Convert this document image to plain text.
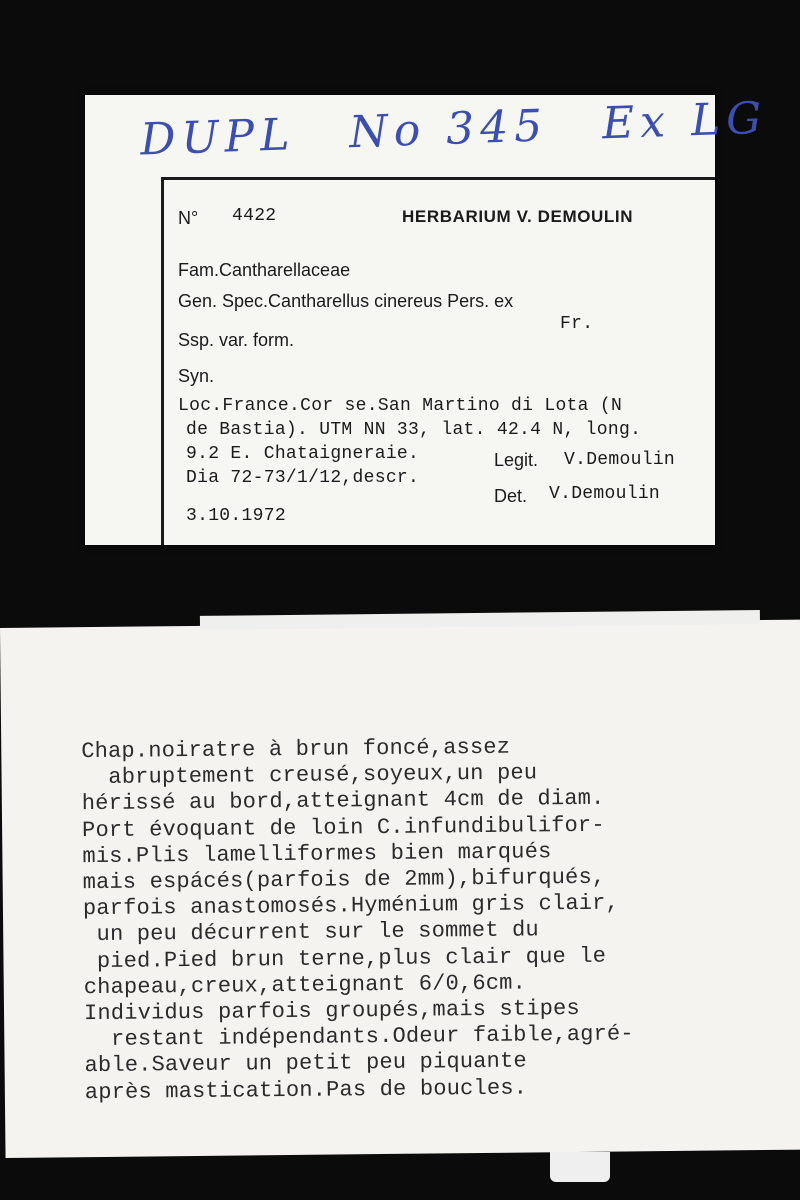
DUPL No 345 Ex LG
N° 4422	HERBARIUM V. DEMOULIN
Fam.Cantharellaceae
Gen. Spec.Cantharellus cinereus Pers. ex
Fr.
Ssp. var. form.
Syn.
Loc.France.Cor se.San Martino di Lota (N
de Bastia). UTM NN 33, lat. 42.4 N, long.
9.2 E. Chataigneraie.
Dia 72-73/1/12,descr.
Legit. V.Demoulin
Det. V.Demoulin
3.10.1972
Chap.noiratre à brun foncé,assez
abruptement creusé,soyeux,un peu
hérissé au bord,atteignant 4cm de diam.
Port évoquant de loin C.infundibulifor-
mis.Plis lamelliformes bien marqués
mais espácés(parfois de 2mm),bifurqués,
parfois anastomosés.Hyménium gris clair,
un peu décurrent sur le sommet du
pied.Pied brun terne,plus clair que le
chapeau,creux,atteignant 6/0,6cm.
Individus parfois groupés,mais stipes
restant indépendants.Odeur faible,agré-
able.Saveur un petit peu piquante
après mastication.Pas de boucles.
